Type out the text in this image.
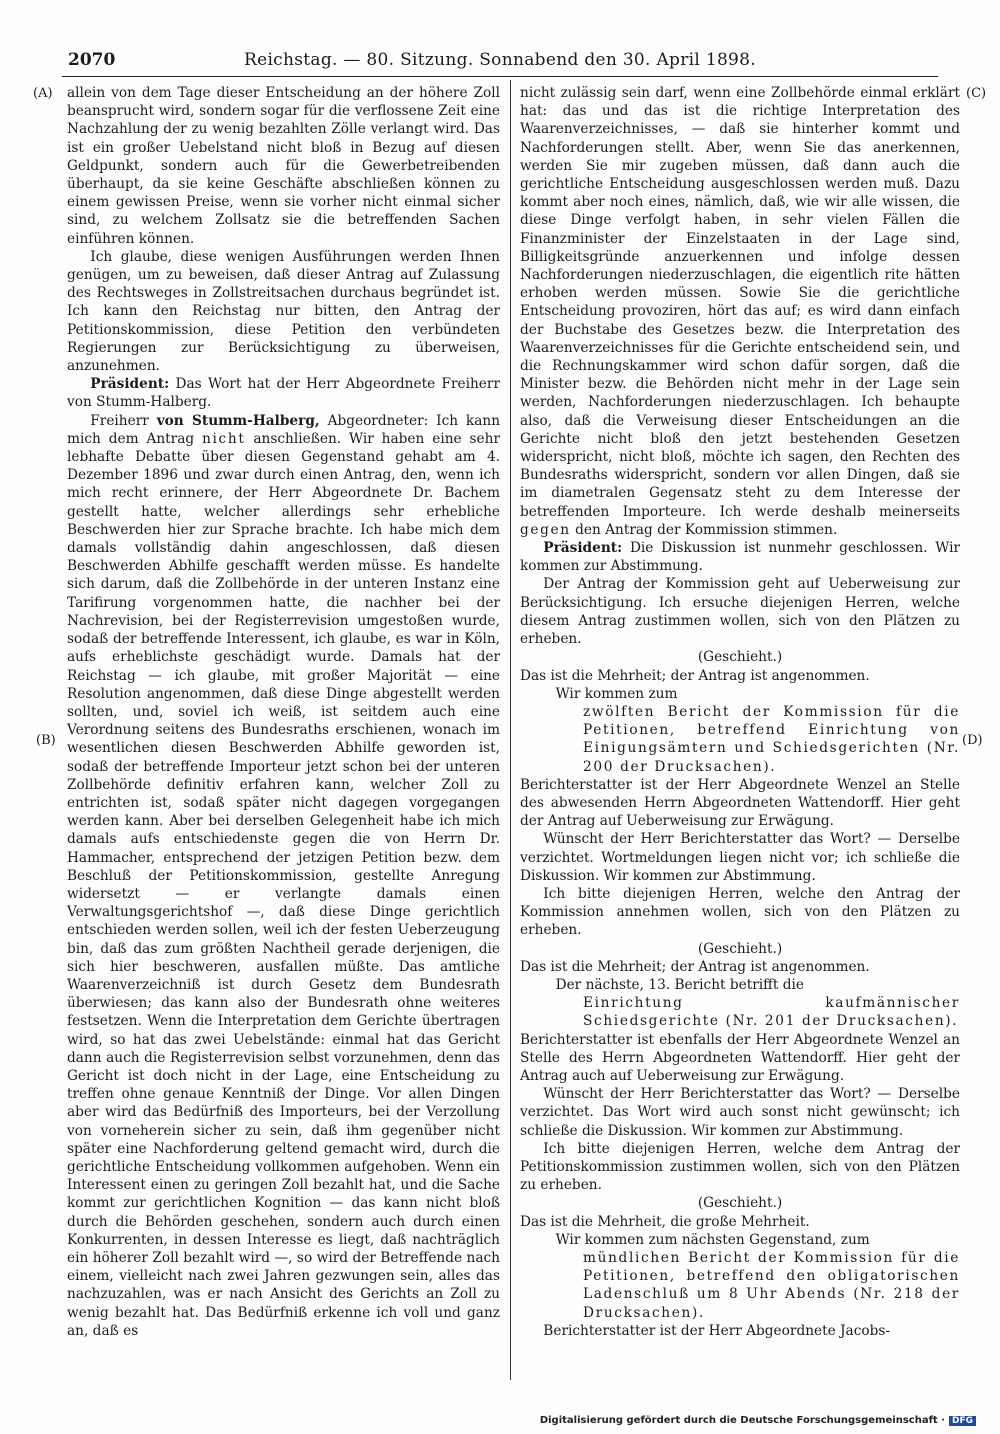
2070	Reichstag. — 80. Sitzung. Sonnabend den 30. April 1898.
(A)
(B)
(C)
(D)

allein von dem Tage dieser Entscheidung an der höhere Zoll beansprucht wird, sondern sogar für die verflossene Zeit eine Nachzahlung der zu wenig bezahlten Zölle verlangt wird. Das ist ein großer Uebelstand nicht bloß in Bezug auf diesen Geldpunkt, sondern auch für die Gewerbetreibenden überhaupt, da sie keine Geschäfte abschließen können zu einem gewissen Preise, wenn sie vorher nicht einmal sicher sind, zu welchem Zollsatz sie die betreffenden Sachen einführen können.

Ich glaube, diese wenigen Ausführungen werden Ihnen genügen, um zu beweisen, daß dieser Antrag auf Zulassung des Rechtsweges in Zollstreitsachen durchaus begründet ist. Ich kann den Reichstag nur bitten, den Antrag der Petitionskommission, diese Petition den verbündeten Regierungen zur Berücksichtigung zu überweisen, anzunehmen.

Präsident: Das Wort hat der Herr Abgeordnete Freiherr von Stumm-Halberg.

Freiherr von Stumm-Halberg, Abgeordneter: Ich kann mich dem Antrag nicht anschließen. Wir haben eine sehr lebhafte Debatte über diesen Gegenstand gehabt am 4. Dezember 1896 und zwar durch einen Antrag, den, wenn ich mich recht erinnere, der Herr Abgeordnete Dr. Bachem gestellt hatte, welcher allerdings sehr erhebliche Beschwerden hier zur Sprache brachte. Ich habe mich dem damals vollständig dahin angeschlossen, daß diesen Beschwerden Abhilfe geschafft werden müsse. Es handelte sich darum, daß die Zollbehörde in der unteren Instanz eine Tarifirung vorgenommen hatte, die nachher bei der Nachrevision, bei der Registerrevision umgestoßen wurde, sodaß der betreffende Interessent, ich glaube, es war in Köln, aufs erheblichste geschädigt wurde. Damals hat der Reichstag — ich glaube, mit großer Majorität — eine Resolution angenommen, daß diese Dinge abgestellt werden sollten, und, soviel ich weiß, ist seitdem auch eine Verordnung seitens des Bundesraths erschienen, wonach im wesentlichen diesen Beschwerden Abhilfe geworden ist, sodaß der betreffende Importeur jetzt schon bei der unteren Zollbehörde definitiv erfahren kann, welcher Zoll zu entrichten ist, sodaß später nicht dagegen vorgegangen werden kann. Aber bei derselben Gelegenheit habe ich mich damals aufs entschiedenste gegen die von Herrn Dr. Hammacher, entsprechend der jetzigen Petition bezw. dem Beschluß der Petitionskommission, gestellte Anregung widersetzt — er verlangte damals einen Verwaltungsgerichtshof —, daß diese Dinge gerichtlich entschieden werden sollen, weil ich der festen Ueberzeugung bin, daß das zum größten Nachtheil gerade derjenigen, die sich hier beschweren, ausfallen müßte. Das amtliche Waarenverzeichniß ist durch Gesetz dem Bundesrath überwiesen; das kann also der Bundesrath ohne weiteres festsetzen. Wenn die Interpretation dem Gerichte übertragen wird, so hat das zwei Uebelstände: einmal hat das Gericht dann auch die Registerrevision selbst vorzunehmen, denn das Gericht ist doch nicht in der Lage, eine Entscheidung zu treffen ohne genaue Kenntniß der Dinge. Vor allen Dingen aber wird das Bedürfniß des Importeurs, bei der Verzollung von vorneherein sicher zu sein, daß ihm gegenüber nicht später eine Nachforderung geltend gemacht wird, durch die gerichtliche Entscheidung vollkommen aufgehoben. Wenn ein Interessent einen zu geringen Zoll bezahlt hat, und die Sache kommt zur gerichtlichen Kognition — das kann nicht bloß durch die Behörden geschehen, sondern auch durch einen Konkurrenten, in dessen Interesse es liegt, daß nachträglich ein höherer Zoll bezahlt wird —, so wird der Betreffende nach einem, vielleicht nach zwei Jahren gezwungen sein, alles das nachzuzahlen, was er nach Ansicht des Gerichts an Zoll zu wenig bezahlt hat. Das Bedürfniß erkenne ich voll und ganz an, daß es

nicht zulässig sein darf, wenn eine Zollbehörde einmal erklärt hat: das und das ist die richtige Interpretation des Waarenverzeichnisses, — daß sie hinterher kommt und Nachforderungen stellt. Aber, wenn Sie das anerkennen, werden Sie mir zugeben müssen, daß dann auch die gerichtliche Entscheidung ausgeschlossen werden muß. Dazu kommt aber noch eines, nämlich, daß, wie wir alle wissen, die diese Dinge verfolgt haben, in sehr vielen Fällen die Finanzminister der Einzelstaaten in der Lage sind, Billigkeitsgründe anzuerkennen und infolge dessen Nachforderungen niederzuschlagen, die eigentlich rite hätten erhoben werden müssen. Sowie Sie die gerichtliche Entscheidung provoziren, hört das auf; es wird dann einfach der Buchstabe des Gesetzes bezw. die Interpretation des Waarenverzeichnisses für die Gerichte entscheidend sein, und die Rechnungskammer wird schon dafür sorgen, daß die Minister bezw. die Behörden nicht mehr in der Lage sein werden, Nachforderungen niederzuschlagen. Ich behaupte also, daß die Verweisung dieser Entscheidungen an die Gerichte nicht bloß den jetzt bestehenden Gesetzen widerspricht, nicht bloß, möchte ich sagen, den Rechten des Bundesraths widerspricht, sondern vor allen Dingen, daß sie im diametralen Gegensatz steht zu dem Interesse der betreffenden Importeure. Ich werde deshalb meinerseits gegen den Antrag der Kommission stimmen.

Präsident: Die Diskussion ist nunmehr geschlossen. Wir kommen zur Abstimmung.

Der Antrag der Kommission geht auf Ueberweisung zur Berücksichtigung. Ich ersuche diejenigen Herren, welche diesem Antrag zustimmen wollen, sich von den Plätzen zu erheben.

(Geschieht.)

Das ist die Mehrheit; der Antrag ist angenommen.

Wir kommen zum

zwölften Bericht der Kommission für die Petitionen, betreffend Einrichtung von Einigungsämtern und Schiedsgerichten (Nr. 200 der Drucksachen).

Berichterstatter ist der Herr Abgeordnete Wenzel an Stelle des abwesenden Herrn Abgeordneten Wattendorff. Hier geht der Antrag auf Ueberweisung zur Erwägung.

Wünscht der Herr Berichterstatter das Wort? — Derselbe verzichtet. Wortmeldungen liegen nicht vor; ich schließe die Diskussion. Wir kommen zur Abstimmung.

Ich bitte diejenigen Herren, welche den Antrag der Kommission annehmen wollen, sich von den Plätzen zu erheben.

(Geschieht.)

Das ist die Mehrheit; der Antrag ist angenommen.

Der nächste, 13. Bericht betrifft die

Einrichtung kaufmännischer Schiedsgerichte (Nr. 201 der Drucksachen).

Berichterstatter ist ebenfalls der Herr Abgeordnete Wenzel an Stelle des Herrn Abgeordneten Wattendorff. Hier geht der Antrag auch auf Ueberweisung zur Erwägung.

Wünscht der Herr Berichterstatter das Wort? — Derselbe verzichtet. Das Wort wird auch sonst nicht gewünscht; ich schließe die Diskussion. Wir kommen zur Abstimmung.

Ich bitte diejenigen Herren, welche dem Antrag der Petitionskommission zustimmen wollen, sich von den Plätzen zu erheben.

(Geschieht.)

Das ist die Mehrheit, die große Mehrheit.

Wir kommen zum nächsten Gegenstand, zum

mündlichen Bericht der Kommission für die Petitionen, betreffend den obligatorischen Ladenschluß um 8 Uhr Abends (Nr. 218 der Drucksachen).

Berichterstatter ist der Herr Abgeordnete Jacobs-

Digitalisierung gefördert durch die Deutsche Forschungsgemeinschaft · DFG
